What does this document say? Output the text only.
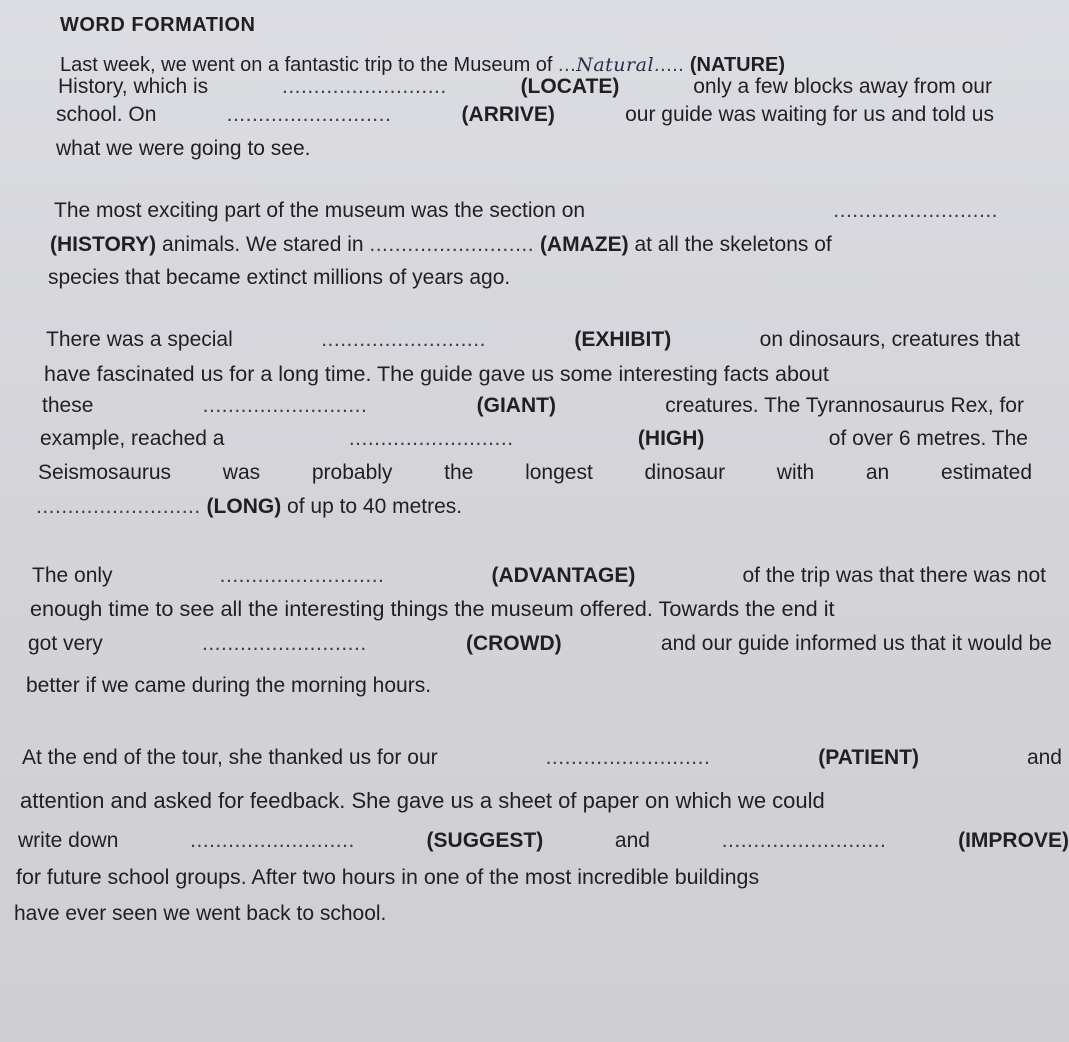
WORD FORMATION
Last week, we went on a fantastic trip to the Museum of ...Natural..... (NATURE)
History, which is	..........................	(LOCATE)	only a few blocks away from our
school. On	..........................	(ARRIVE)	our guide was waiting for us and told us
what we were going to see.
The most exciting part of the museum was the section on	..........................
(HISTORY) animals. We stared in .......................... (AMAZE) at all the skeletons of
species that became extinct millions of years ago.
There was a special	..........................	(EXHIBIT)	on dinosaurs, creatures that
have fascinated us for a long time. The guide gave us some interesting facts about
these	..........................	(GIANT)	creatures. The Tyrannosaurus Rex, for
example, reached a	..........................	(HIGH)	of over 6 metres. The
Seismosaurus was probably the longest dinosaur with an estimated
.......................... (LONG) of up to 40 metres.
The only	..........................	(ADVANTAGE)	of the trip was that there was not
enough time to see all the interesting things the museum offered. Towards the end it
got very	..........................	(CROWD)	and our guide informed us that it would be
better if we came during the morning hours.
At the end of the tour, she thanked us for our	..........................	(PATIENT)	and
attention and asked for feedback. She gave us a sheet of paper on which we could
write down	..........................	(SUGGEST)	and	..........................	(IMPROVE)
for future school groups. After two hours in one of the most incredible buildings
have ever seen we went back to school.
